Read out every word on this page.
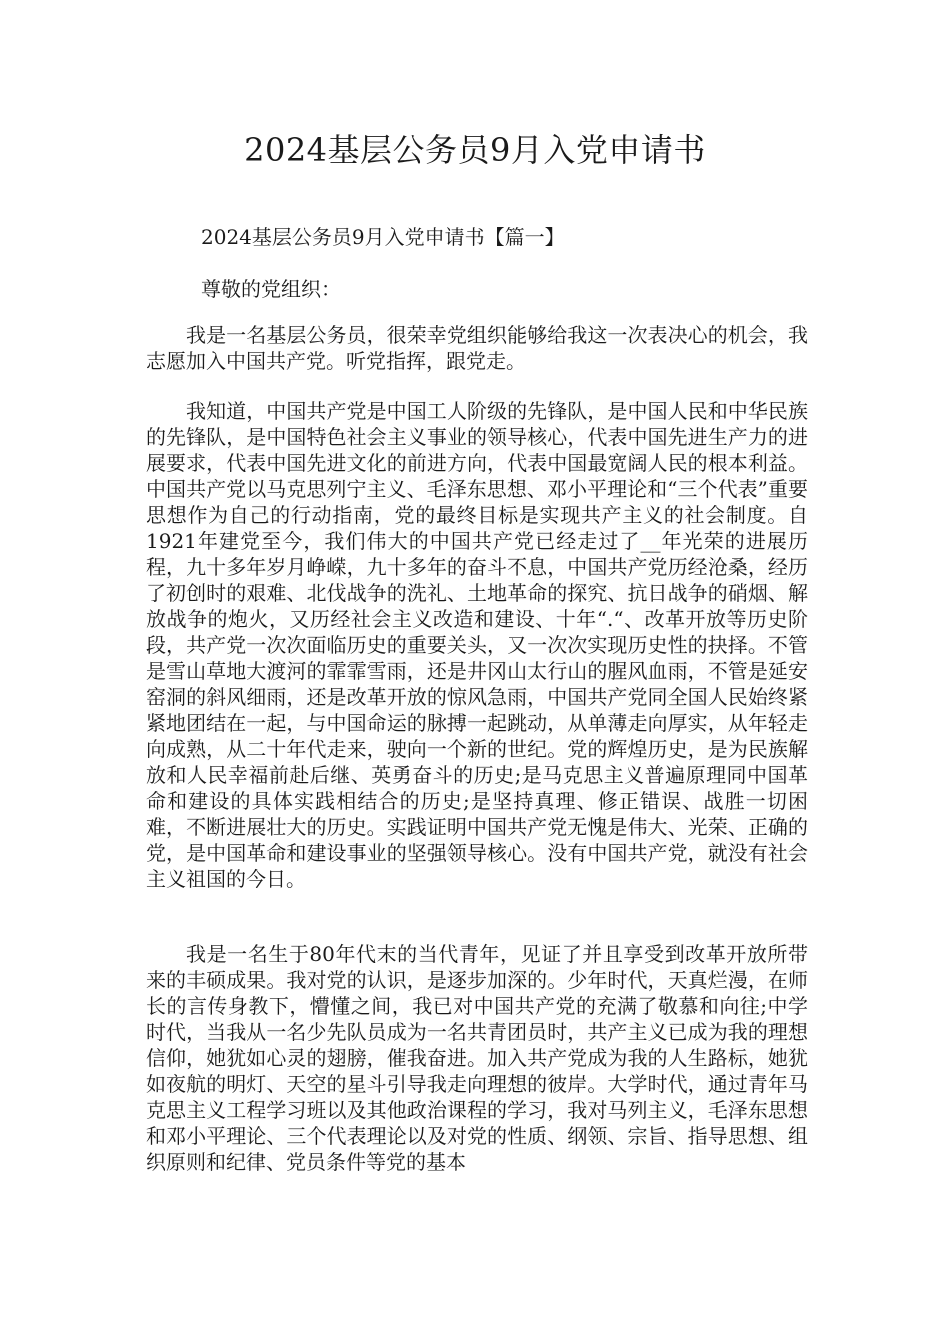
2024基层公务员9月入党申请书

2024基层公务员9月入党申请书【篇一】

尊敬的党组织：

我是一名基层公务员，很荣幸党组织能够给我这一次表决心的机会，我志愿加入中国共产党。听党指挥，跟党走。

我知道，中国共产党是中国工人阶级的先锋队，是中国人民和中华民族的先锋队，是中国特色社会主义事业的领导核心，代表中国先进生产力的进展要求，代表中国先进文化的前进方向，代表中国最宽阔人民的根本利益。中国共产党以马克思列宁主义、毛泽东思想、邓小平理论和“三个代表”重要思想作为自己的行动指南，党的最终目标是实现共产主义的社会制度。自1921年建党至今，我们伟大的中国共产党已经走过了__年光荣的进展历程，九十多年岁月峥嵘，九十多年的奋斗不息，中国共产党历经沧桑，经历了初创时的艰难、北伐战争的洗礼、土地革命的探究、抗日战争的硝烟、解放战争的炮火，又历经社会主义改造和建设、十年“.“、改革开放等历史阶段，共产党一次次面临历史的重要关头，又一次次实现历史性的抉择。不管是雪山草地大渡河的霏霏雪雨，还是井冈山太行山的腥风血雨，不管是延安窑洞的斜风细雨，还是改革开放的惊风急雨，中国共产党同全国人民始终紧紧地团结在一起，与中国命运的脉搏一起跳动，从单薄走向厚实，从年轻走向成熟，从二十年代走来，驶向一个新的世纪。党的辉煌历史，是为民族解放和人民幸福前赴后继、英勇奋斗的历史;是马克思主义普遍原理同中国革命和建设的具体实践相结合的历史;是坚持真理、修正错误、战胜一切困难，不断进展壮大的历史。实践证明中国共产党无愧是伟大、光荣、正确的党，是中国革命和建设事业的坚强领导核心。没有中国共产党，就没有社会主义祖国的今日。

我是一名生于80年代末的当代青年，见证了并且享受到改革开放所带来的丰硕成果。我对党的认识，是逐步加深的。少年时代，天真烂漫，在师长的言传身教下，懵懂之间，我已对中国共产党的充满了敬慕和向往;中学时代，当我从一名少先队员成为一名共青团员时，共产主义已成为我的理想信仰，她犹如心灵的翅膀，催我奋进。加入共产党成为我的人生路标，她犹如夜航的明灯、天空的星斗引导我走向理想的彼岸。大学时代，通过青年马克思主义工程学习班以及其他政治课程的学习，我对马列主义，毛泽东思想和邓小平理论、三个代表理论以及对党的性质、纲领、宗旨、指导思想、组织原则和纪律、党员条件等党的基本
